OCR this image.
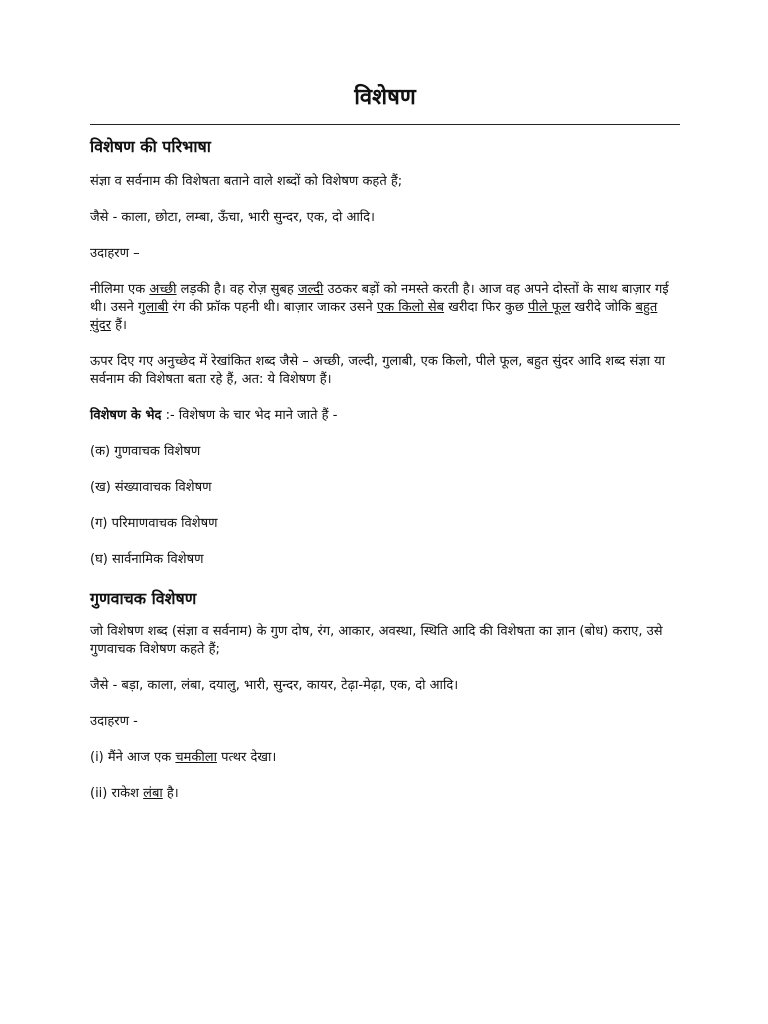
विशेषण
विशेषण की परिभाषा

संज्ञा व सर्वनाम की विशेषता बताने वाले शब्दों को विशेषण कहते हैं;

जैसे - काला, छोटा, लम्बा, ऊँचा, भारी सुन्दर, एक, दो आदि।

उदाहरण –

नीलिमा एक अच्छी लड़की है। वह रोज़ सुबह जल्दी उठकर बड़ों को नमस्ते करती है। आज वह अपने दोस्तों के साथ बाज़ार गई थी। उसने गुलाबी रंग की फ्रॉक पहनी थी। बाज़ार जाकर उसने एक किलो सेब खरीदा फिर कुछ पीले फूल खरीदे जोकि बहुत सुंदर हैं।

ऊपर दिए गए अनुच्छेद में रेखांकित शब्द जैसे – अच्छी, जल्दी, गुलाबी, एक किलो, पीले फूल, बहुत सुंदर आदि शब्द संज्ञा या सर्वनाम की विशेषता बता रहे हैं, अत: ये विशेषण हैं।

विशेषण के भेद :- विशेषण के चार भेद माने जाते हैं -

(क) गुणवाचक विशेषण

(ख) संख्यावाचक विशेषण

(ग) परिमाणवाचक विशेषण

(घ) सार्वनामिक विशेषण

गुणवाचक विशेषण

जो विशेषण शब्द (संज्ञा व सर्वनाम) के गुण दोष, रंग, आकार, अवस्था, स्थिति आदि की विशेषता का ज्ञान (बोध) कराए, उसे गुणवाचक विशेषण कहते हैं;

जैसे - बड़ा, काला, लंबा, दयालु, भारी, सुन्दर, कायर, टेढ़ा-मेढ़ा, एक, दो आदि।

उदाहरण -

(i) मैंने आज एक चमकीला पत्थर देखा।

(ii) राकेश लंबा है।
